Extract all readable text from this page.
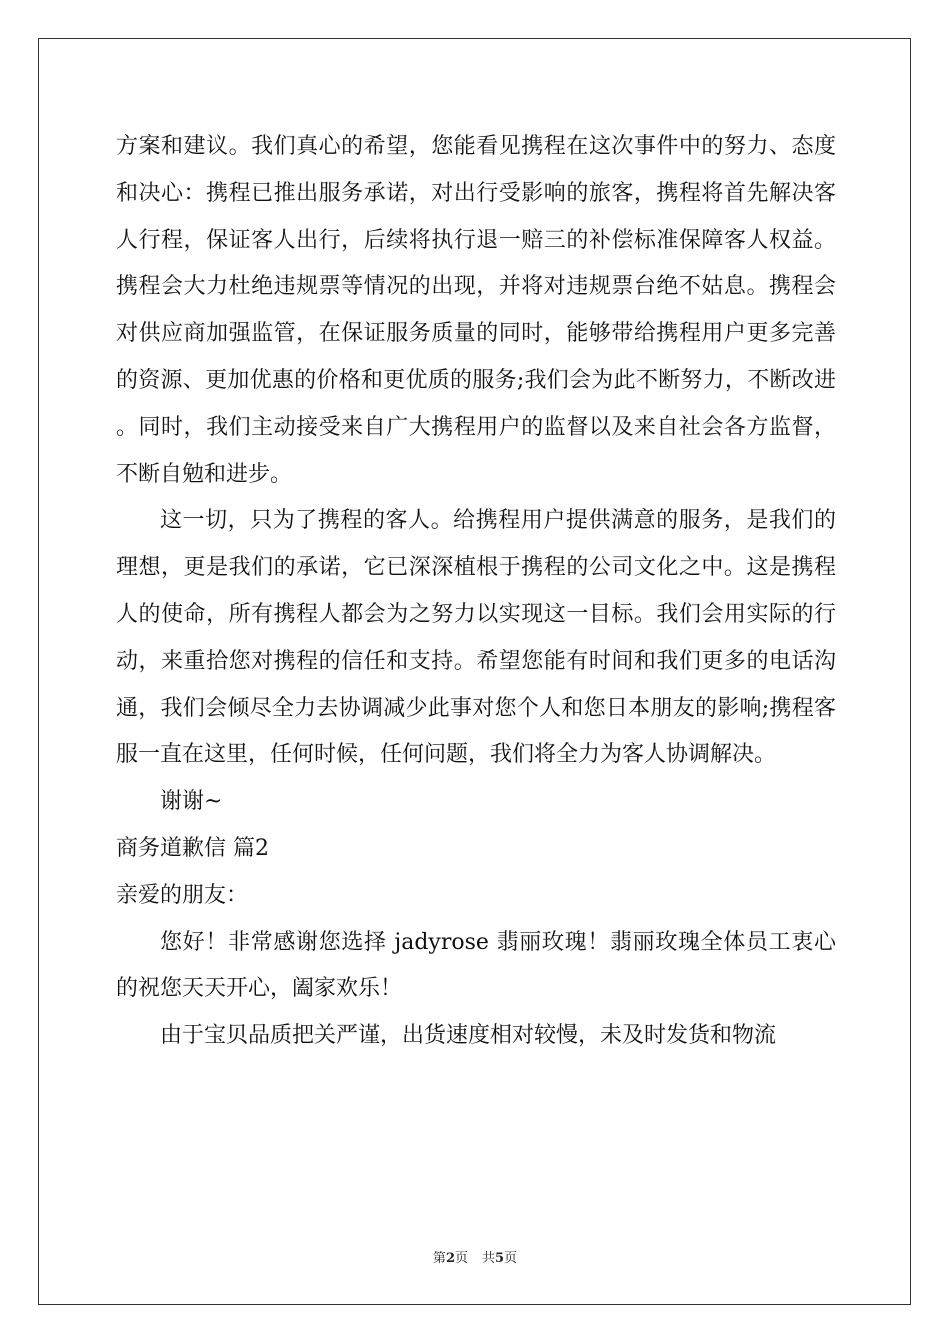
方案和建议。我们真心的希望，您能看见携程在这次事件中的努力、态度和决心：携程已推出服务承诺，对出行受影响的旅客，携程将首先解决客人行程，保证客人出行，后续将执行退一赔三的补偿标准保障客人权益。携程会大力杜绝违规票等情况的出现，并将对违规票台绝不姑息。携程会对供应商加强监管，在保证服务质量的同时，能够带给携程用户更多完善的资源、更加优惠的价格和更优质的服务;我们会为此不断努力，不断改进。同时，我们主动接受来自广大携程用户的监督以及来自社会各方监督，不断自勉和进步。

这一切，只为了携程的客人。给携程用户提供满意的服务，是我们的理想，更是我们的承诺，它已深深植根于携程的公司文化之中。这是携程人的使命，所有携程人都会为之努力以实现这一目标。我们会用实际的行动，来重拾您对携程的信任和支持。希望您能有时间和我们更多的电话沟通，我们会倾尽全力去协调减少此事对您个人和您日本朋友的影响;携程客服一直在这里，任何时候，任何问题，我们将全力为客人协调解决。

谢谢~

商务道歉信 篇2

亲爱的朋友：

您好！非常感谢您选择 jadyrose 翡丽玫瑰！翡丽玫瑰全体员工衷心的祝您天天开心，阖家欢乐！

由于宝贝品质把关严谨，出货速度相对较慢，未及时发货和物流

第2页 共5页
